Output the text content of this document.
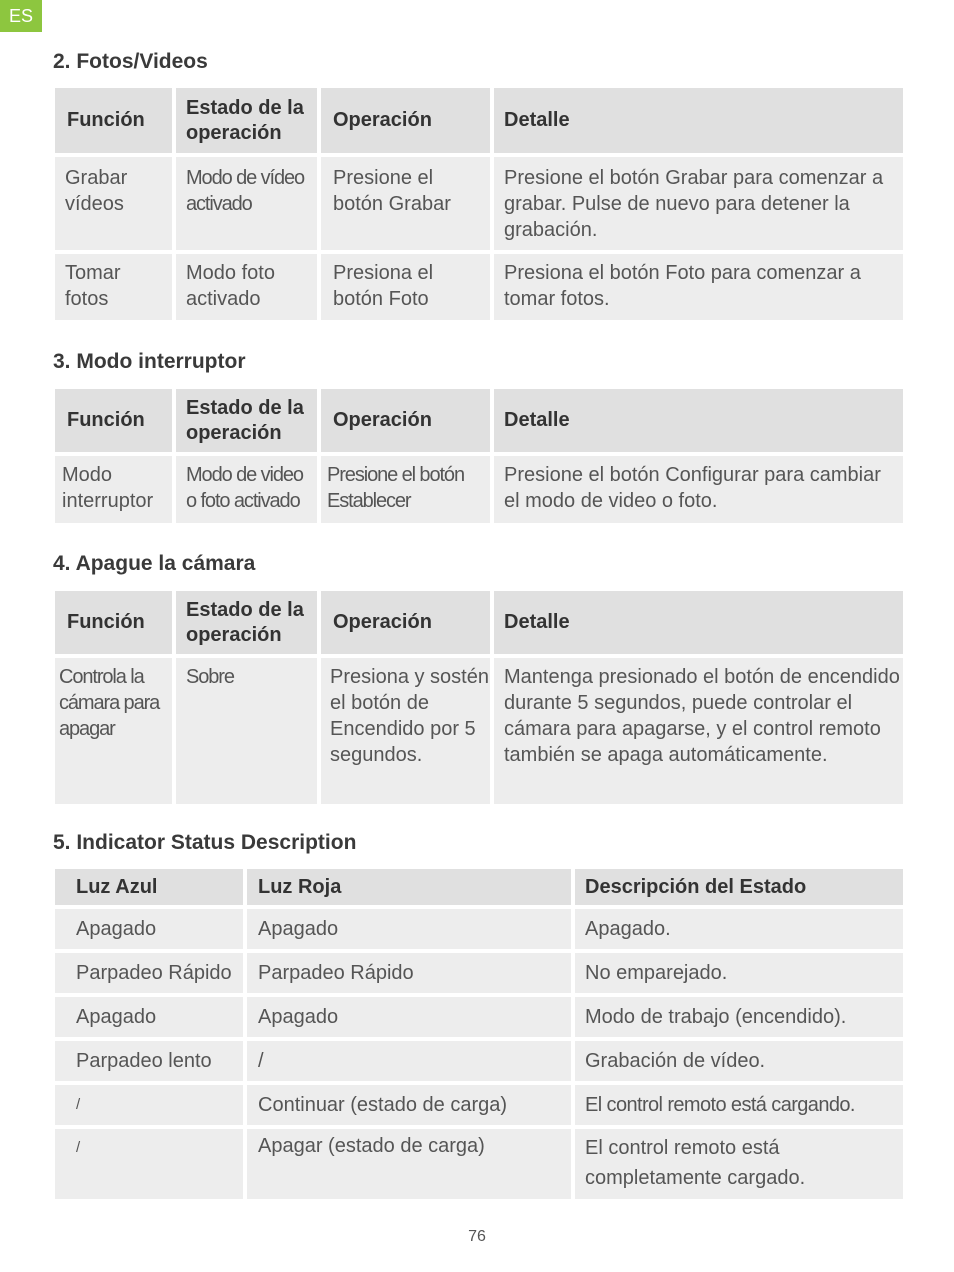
ES
2. Fotos/Videos
Función	Estado de la operación	Operación	Detalle
Grabar vídeos	Modo de vídeo activado	Presione el botón Grabar	Presione el botón Grabar para comenzar a grabar. Pulse de nuevo para detener la grabación.
Tomar fotos	Modo foto activado	Presiona el botón Foto	Presiona el botón Foto para comenzar a tomar fotos.
3. Modo interruptor
Función	Estado de la operación	Operación	Detalle
Modo interruptor	Modo de video o foto activado	Presione el botón Establecer	Presione el botón Configurar para cambiar el modo de video o foto.
4. Apague la cámara
Función	Estado de la operación	Operación	Detalle
Controla la cámara para apagar	Sobre	Presiona y sostén el botón de Encendido por 5 segundos.	Mantenga presionado el botón de encendido durante 5 segundos, puede controlar el cámara para apagarse, y el control remoto también se apaga automáticamente.
5. Indicator Status Description
Luz Azul	Luz Roja	Descripción del Estado
Apagado	Apagado	Apagado.
Parpadeo Rápido	Parpadeo Rápido	No emparejado.
Apagado	Apagado	Modo de trabajo (encendido).
Parpadeo lento	/	Grabación de vídeo.
/	Continuar (estado de carga)	El control remoto está cargando.
/	Apagar (estado de carga)	El control remoto está completamente cargado.
76
